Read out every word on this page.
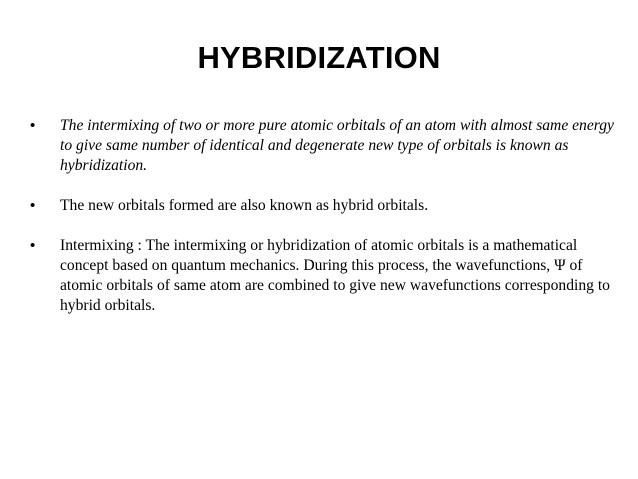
HYBRIDIZATION
•	The intermixing of two or more pure atomic orbitals of an atom with almost same energy to give same number of identical and degenerate new type of orbitals is known as hybridization.
•	The new orbitals formed are also known as hybrid orbitals.
•	Intermixing : The intermixing or hybridization of atomic orbitals is a mathematical concept based on quantum mechanics. During this process, the wavefunctions, Ψ of atomic orbitals of same atom are combined to give new wavefunctions corresponding to hybrid orbitals.
